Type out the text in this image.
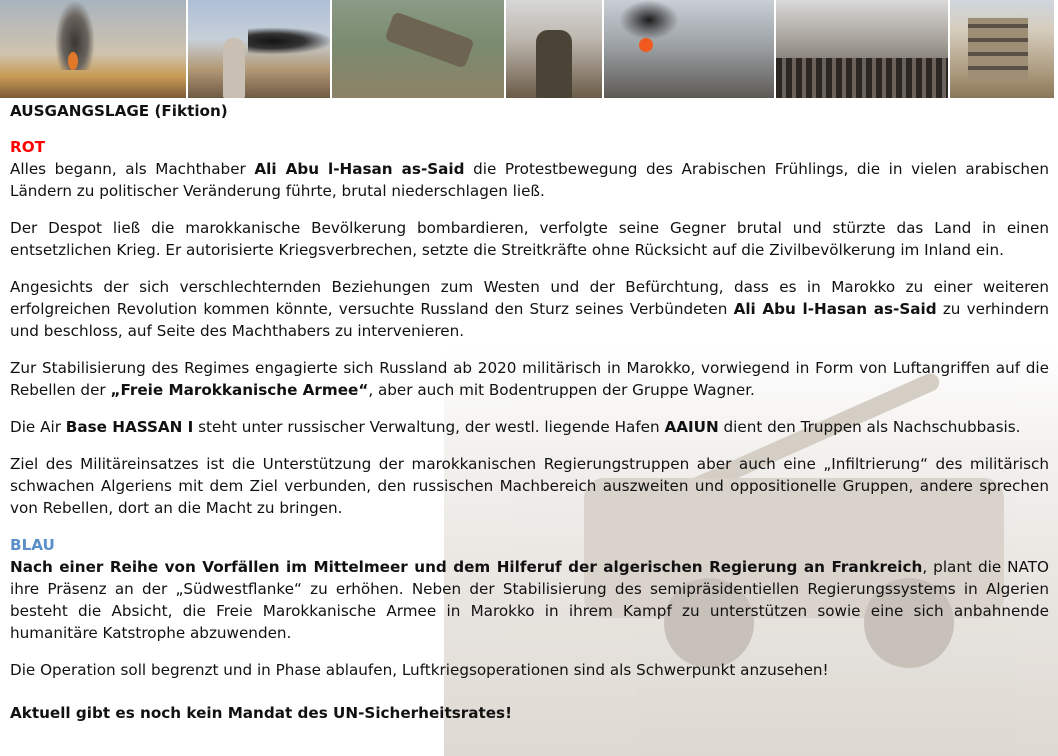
AUSGANGSLAGE (Fiktion)

ROT

Alles begann, als Machthaber Ali Abu l-Hasan as-Said die Protestbewegung des Arabischen Frühlings, die in vielen arabischen Ländern zu politischer Veränderung führte, brutal niederschlagen ließ.

Der Despot ließ die marokkanische Bevölkerung bombardieren, verfolgte seine Gegner brutal und stürzte das Land in einen entsetzlichen Krieg. Er autorisierte Kriegsverbrechen, setzte die Streitkräfte ohne Rücksicht auf die Zivilbevölkerung im Inland ein.

Angesichts der sich verschlechternden Beziehungen zum Westen und der Befürchtung, dass es in Marokko zu einer weiteren erfolgreichen Revolution kommen könnte, versuchte Russland den Sturz seines Verbündeten Ali Abu l-Hasan as-Said zu verhindern und beschloss, auf Seite des Machthabers zu intervenieren.

Zur Stabilisierung des Regimes engagierte sich Russland ab 2020 militärisch in Marokko, vorwiegend in Form von Luftangriffen auf die Rebellen der „Freie Marokkanische Armee“, aber auch mit Bodentruppen der Gruppe Wagner.

Die Air Base HASSAN I steht unter russischer Verwaltung, der westl. liegende Hafen AAIUN dient den Truppen als Nachschubbasis.

Ziel des Militäreinsatzes ist die Unterstützung der marokkanischen Regierungstruppen aber auch eine „Infiltrierung“ des militärisch schwachen Algeriens mit dem Ziel verbunden, den russischen Machbereich auszweiten und oppositionelle Gruppen, andere sprechen von Rebellen, dort an die Macht zu bringen.

BLAU

Nach einer Reihe von Vorfällen im Mittelmeer und dem Hilferuf der algerischen Regierung an Frankreich, plant die NATO ihre Präsenz an der „Südwestflanke“ zu erhöhen. Neben der Stabilisierung des semipräsidentiellen Regierungssystems in Algerien besteht die Absicht, die Freie Marokkanische Armee in Marokko in ihrem Kampf zu unterstützen sowie eine sich anbahnende humanitäre Katstrophe abzuwenden.

Die Operation soll begrenzt und in Phase ablaufen, Luftkriegsoperationen sind als Schwerpunkt anzusehen!

Aktuell gibt es noch kein Mandat des UN-Sicherheitsrates!
